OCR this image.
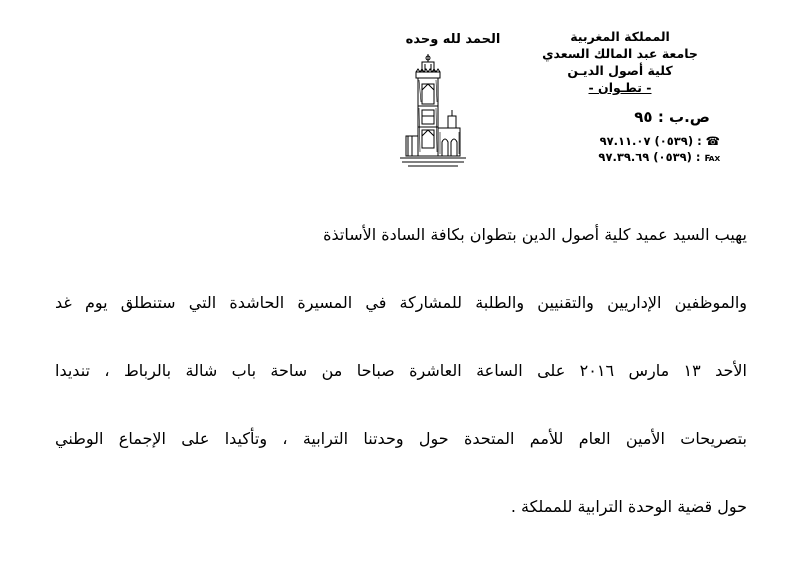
المملكة المغربية
جامعة عبد المالك السعدي
كلية أصول الديـن
- تطـوان -
ص.ب : ٩٥
☎ : (٠٥٣٩) ٩٧.١١.٠٧
℻ : (٠٥٣٩) ٩٧.٣٩.٦٩
الحمد لله وحده
يهيب السيد عميد كلية أصول الدين بتطوان بكافة السادة الأساتذة
والموظفين الإداريين والتقنيين والطلبة للمشاركة في المسيرة الحاشدة التي ستنطلق يوم غد
الأحد ١٣ مارس ٢٠١٦ على الساعة العاشرة صباحا من ساحة باب شالة بالرباط ، تنديدا
بتصريحات الأمين العام للأمم المتحدة حول وحدتنا الترابية ، وتأكيدا على الإجماع الوطني
حول قضية الوحدة الترابية للمملكة .
